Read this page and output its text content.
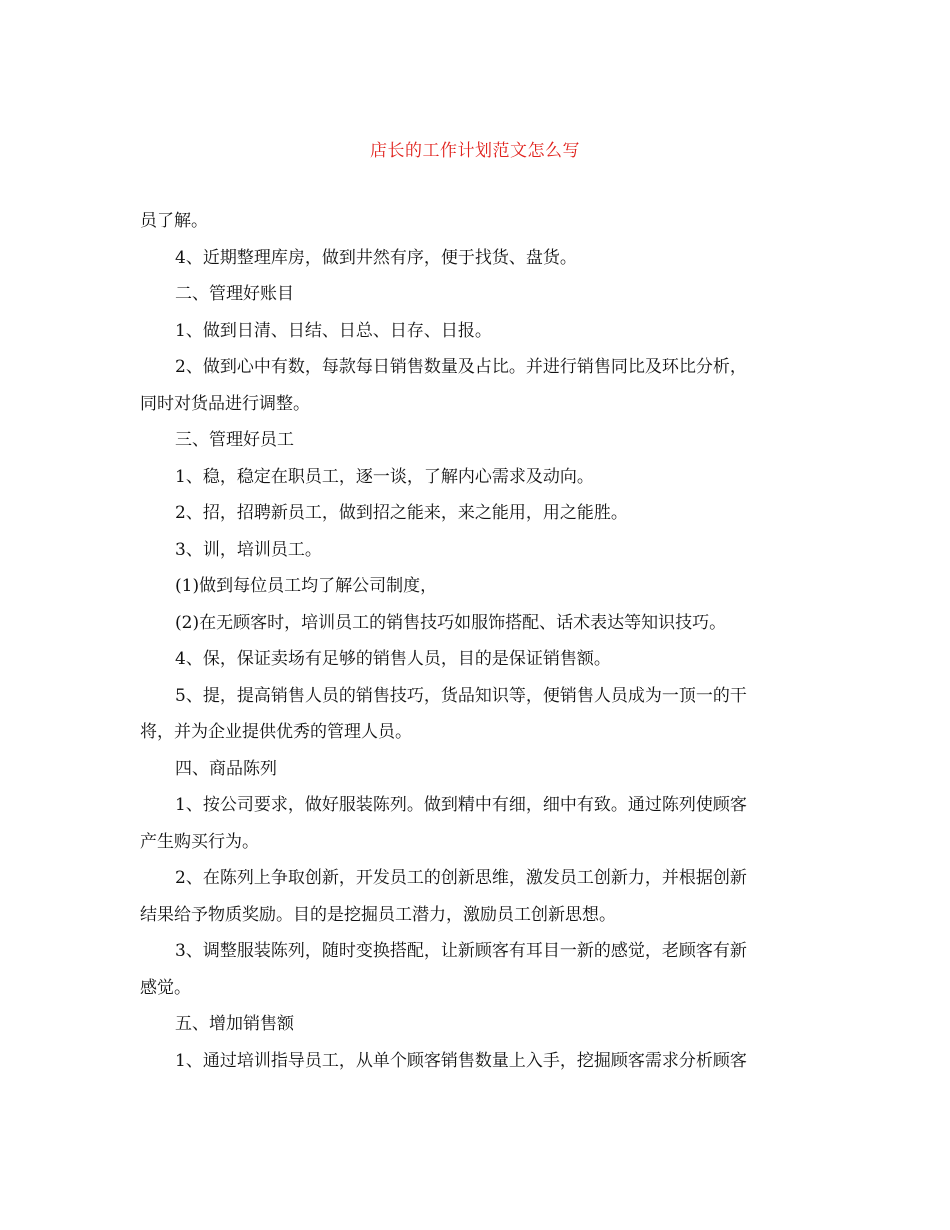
店长的工作计划范文怎么写

员了解。

4、近期整理库房，做到井然有序，便于找货、盘货。

二、管理好账目

1、做到日清、日结、日总、日存、日报。

2、做到心中有数，每款每日销售数量及占比。并进行销售同比及环比分析，
同时对货品进行调整。

三、管理好员工

1、稳，稳定在职员工，逐一谈，了解内心需求及动向。

2、招，招聘新员工，做到招之能来，来之能用，用之能胜。

3、训，培训员工。

(1)做到每位员工均了解公司制度，

(2)在无顾客时，培训员工的销售技巧如服饰搭配、话术表达等知识技巧。

4、保，保证卖场有足够的销售人员，目的是保证销售额。

5、提，提高销售人员的销售技巧，货品知识等，便销售人员成为一顶一的干
将，并为企业提供优秀的管理人员。

四、商品陈列

1、按公司要求，做好服装陈列。做到精中有细，细中有致。通过陈列使顾客
产生购买行为。

2、在陈列上争取创新，开发员工的创新思维，激发员工创新力，并根据创新
结果给予物质奖励。目的是挖掘员工潜力，激励员工创新思想。

3、调整服装陈列，随时变换搭配，让新顾客有耳目一新的感觉，老顾客有新
感觉。

五、增加销售额

1、通过培训指导员工，从单个顾客销售数量上入手，挖掘顾客需求分析顾客
